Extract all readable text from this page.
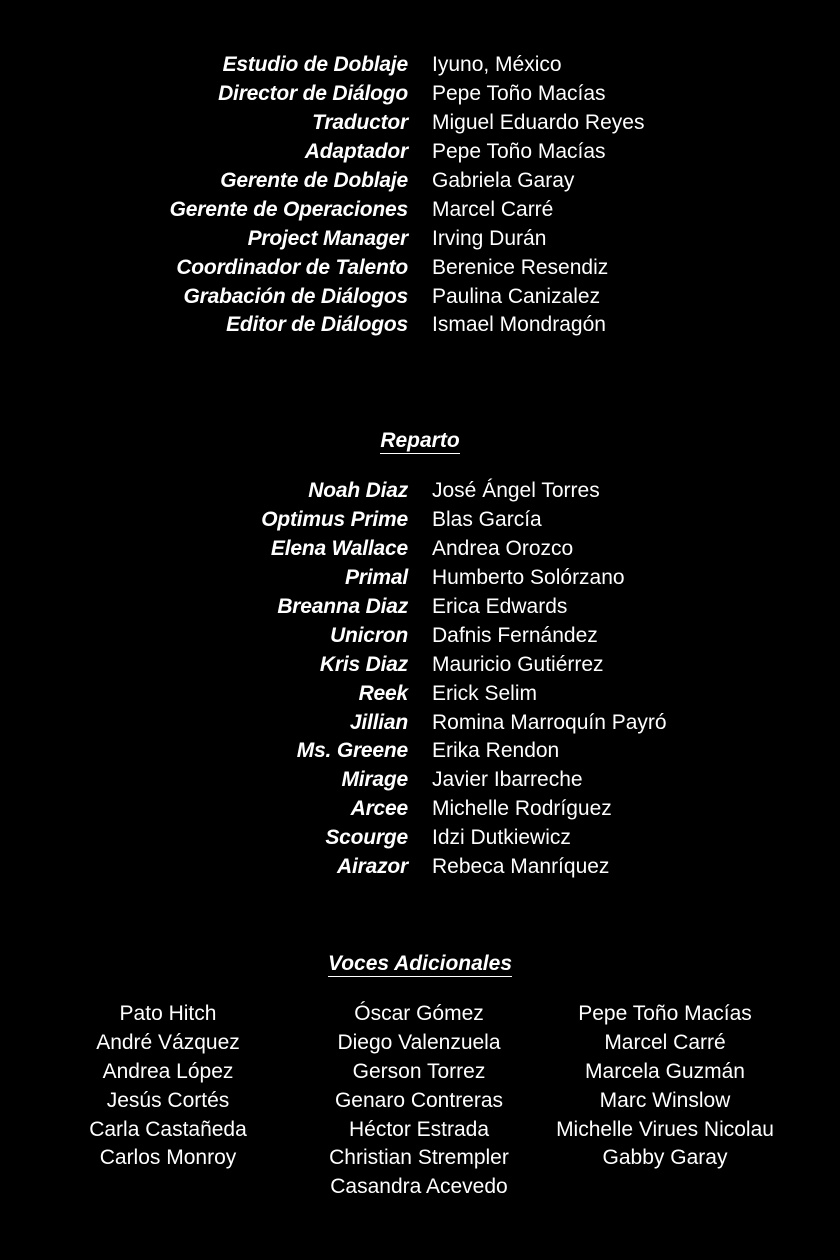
Estudio de Doblaje Iyuno, México
Director de Diálogo Pepe Toño Macías
Traductor Miguel Eduardo Reyes
Adaptador Pepe Toño Macías
Gerente de Doblaje Gabriela Garay
Gerente de Operaciones Marcel Carré
Project Manager Irving Durán
Coordinador de Talento Berenice Resendiz
Grabación de Diálogos Paulina Canizalez
Editor de Diálogos Ismael Mondragón
Reparto
Noah Diaz José Ángel Torres
Optimus Prime Blas García
Elena Wallace Andrea Orozco
Primal Humberto Solórzano
Breanna Diaz Erica Edwards
Unicron Dafnis Fernández
Kris Diaz Mauricio Gutiérrez
Reek Erick Selim
Jillian Romina Marroquín Payró
Ms. Greene Erika Rendon
Mirage Javier Ibarreche
Arcee Michelle Rodríguez
Scourge Idzi Dutkiewicz
Airazor Rebeca Manríquez
Voces Adicionales
Pato Hitch
André Vázquez
Andrea López
Jesús Cortés
Carla Castañeda
Carlos Monroy
Óscar Gómez
Diego Valenzuela
Gerson Torrez
Genaro Contreras
Héctor Estrada
Christian Strempler
Casandra Acevedo
Pepe Toño Macías
Marcel Carré
Marcela Guzmán
Marc Winslow
Michelle Virues Nicolau
Gabby Garay
